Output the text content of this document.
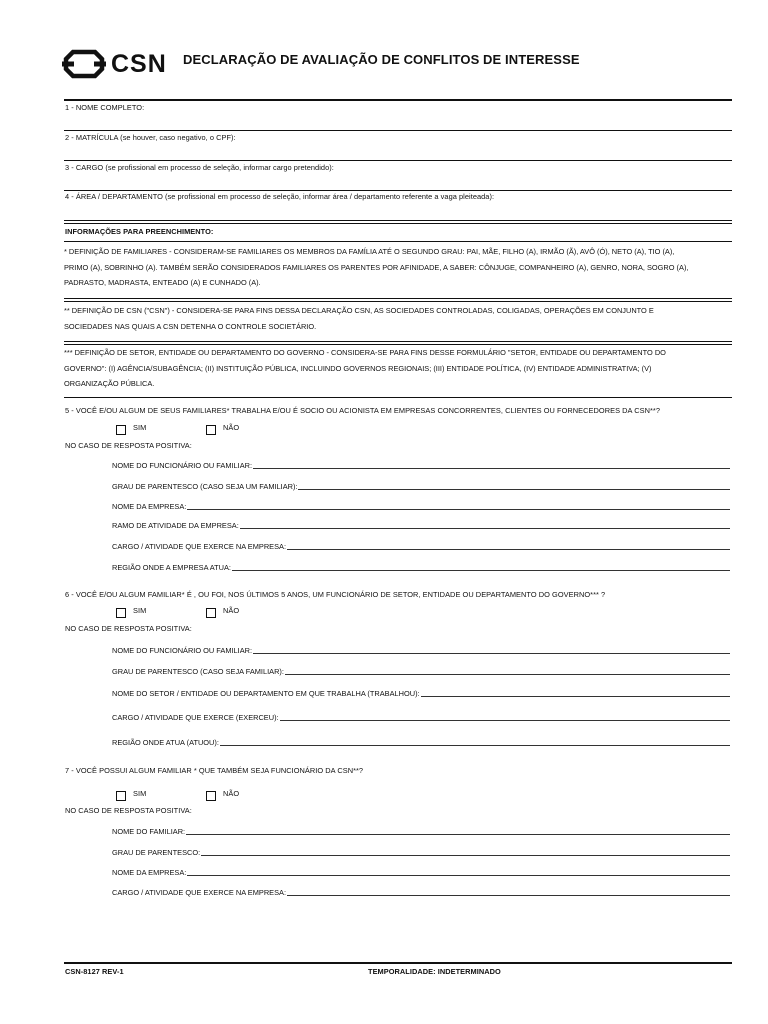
CSN DECLARAÇÃO DE AVALIAÇÃO DE CONFLITOS DE INTERESSE
1 - NOME COMPLETO:
2 - MATRÍCULA (se houver, caso negativo, o CPF):
3 - CARGO (se profissional em processo de seleção, informar cargo pretendido):
4 - ÁREA / DEPARTAMENTO (se profissional em processo de seleção, informar área / departamento referente a vaga pleiteada):
INFORMAÇÕES PARA PREENCHIMENTO:
* DEFINIÇÃO DE FAMILIARES - CONSIDERAM-SE FAMILIARES OS MEMBROS DA FAMÍLIA ATÉ O SEGUNDO GRAU: PAI, MÃE, FILHO (A), IRMÃO (Ã), AVÔ (Ó), NETO (A), TIO (A),
PRIMO (A), SOBRINHO (A). TAMBÉM SERÃO CONSIDERADOS FAMILIARES OS PARENTES POR AFINIDADE, A SABER: CÔNJUGE, COMPANHEIRO (A), GENRO, NORA, SOGRO (A),
PADRASTO, MADRASTA, ENTEADO (A) E CUNHADO (A).
** DEFINIÇÃO DE CSN ("CSN") - CONSIDERA-SE PARA FINS DESSA DECLARAÇÃO CSN, AS SOCIEDADES CONTROLADAS, COLIGADAS, OPERAÇÕES EM CONJUNTO E
SOCIEDADES NAS QUAIS A CSN DETENHA O CONTROLE SOCIETÁRIO.
*** DEFINIÇÃO DE SETOR, ENTIDADE OU DEPARTAMENTO DO GOVERNO - CONSIDERA-SE PARA FINS DESSE FORMULÁRIO "SETOR, ENTIDADE OU DEPARTAMENTO DO
GOVERNO": (I) AGÊNCIA/SUBAGÊNCIA; (II) INSTITUIÇÃO PÚBLICA, INCLUINDO GOVERNOS REGIONAIS; (III) ENTIDADE POLÍTICA, (IV) ENTIDADE ADMINISTRATIVA; (V)
ORGANIZAÇÃO PÚBLICA.
5 - VOCÊ E/OU ALGUM DE SEUS FAMILIARES* TRABALHA E/OU É SOCIO OU ACIONISTA EM EMPRESAS CONCORRENTES, CLIENTES OU FORNECEDORES DA CSN**?
SIM	NÃO
NO CASO DE RESPOSTA POSITIVA:
NOME DO FUNCIONÁRIO OU FAMILIAR:
GRAU DE PARENTESCO (CASO SEJA UM FAMILIAR):
NOME DA EMPRESA:
RAMO DE ATIVIDADE DA EMPRESA:
CARGO / ATIVIDADE QUE EXERCE NA EMPRESA:
REGIÃO ONDE A EMPRESA ATUA:
6 - VOCÊ E/OU ALGUM FAMILIAR* É , OU FOI, NOS ÚLTIMOS 5 ANOS, UM FUNCIONÁRIO DE SETOR, ENTIDADE OU DEPARTAMENTO DO GOVERNO*** ?
SIM	NÃO
NO CASO DE RESPOSTA POSITIVA:
NOME DO FUNCIONÁRIO OU FAMILIAR:
GRAU DE PARENTESCO (CASO SEJA FAMILIAR):
NOME DO SETOR / ENTIDADE OU DEPARTAMENTO EM QUE TRABALHA (TRABALHOU):
CARGO / ATIVIDADE QUE EXERCE (EXERCEU):
REGIÃO ONDE ATUA (ATUOU):
7 - VOCÊ POSSUI ALGUM FAMILIAR * QUE TAMBÉM SEJA FUNCIONÁRIO DA CSN**?
SIM	NÃO
NO CASO DE RESPOSTA POSITIVA:
NOME DO FAMILIAR:
GRAU DE PARENTESCO:
NOME DA EMPRESA:
CARGO / ATIVIDADE QUE EXERCE NA EMPRESA:
CSN-8127 REV-1	TEMPORALIDADE: INDETERMINADO
